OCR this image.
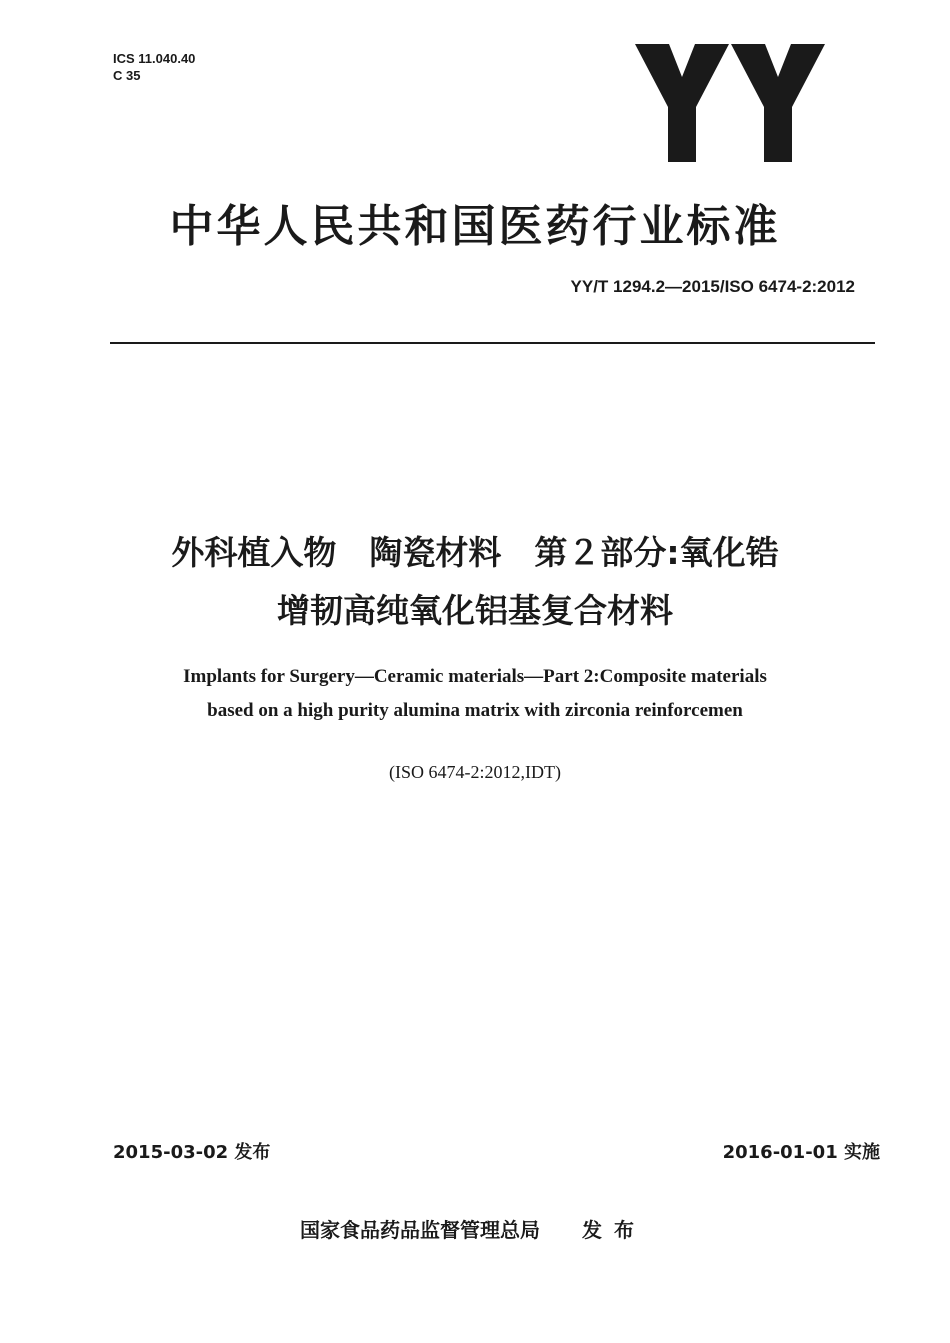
ICS 11.040.40
C 35
中华人民共和国医药行业标准
YY/T 1294.2—2015/ISO 6474-2:2012
外科植入物　陶瓷材料　第２部分:氧化锆
增韧高纯氧化铝基复合材料
Implants for Surgery—Ceramic materials—Part 2:Composite materials
based on a high purity alumina matrix with zirconia reinforcemen
(ISO 6474-2:2012,IDT)
2015-03-02 发布	2016-01-01 实施
国家食品药品监督管理总局 发布
